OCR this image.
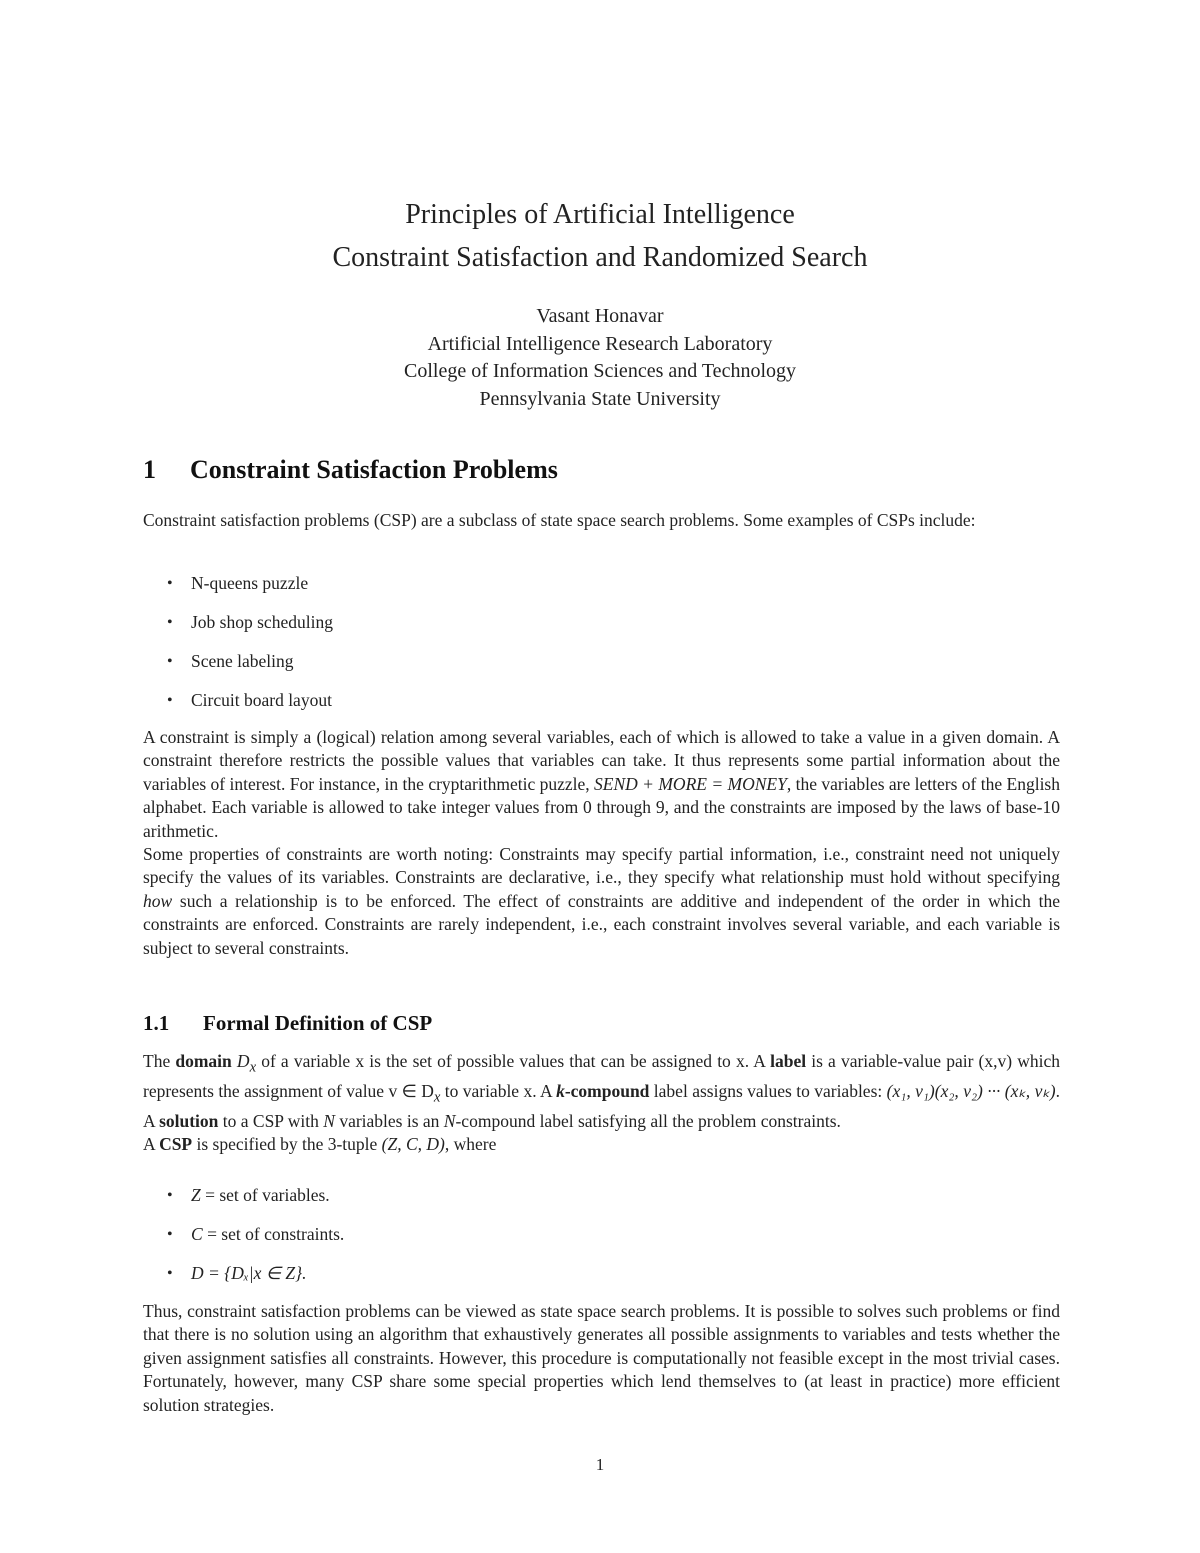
Principles of Artificial Intelligence
Constraint Satisfaction and Randomized Search
Vasant Honavar
Artificial Intelligence Research Laboratory
College of Information Sciences and Technology
Pennsylvania State University
1 Constraint Satisfaction Problems

Constraint satisfaction problems (CSP) are a subclass of state space search problems. Some examples of CSPs include:

• N-queens puzzle
• Job shop scheduling
• Scene labeling
• Circuit board layout

A constraint is simply a (logical) relation among several variables, each of which is allowed to take a value in a given domain. A constraint therefore restricts the possible values that variables can take. It thus represents some partial information about the variables of interest. For instance, in the cryptarithmetic puzzle, SEND + MORE = MONEY, the variables are letters of the English alphabet. Each variable is allowed to take integer values from 0 through 9, and the constraints are imposed by the laws of base-10 arithmetic.

Some properties of constraints are worth noting: Constraints may specify partial information, i.e., constraint need not uniquely specify the values of its variables. Constraints are declarative, i.e., they specify what relationship must hold without specifying how such a relationship is to be enforced. The effect of constraints are additive and independent of the order in which the constraints are enforced. Constraints are rarely independent, i.e., each constraint involves several variable, and each variable is subject to several constraints.

1.1 Formal Definition of CSP

The domain $D_x$ of a variable x is the set of possible values that can be assigned to x. A label is a variable-value pair (x,v) which represents the assignment of value v ∈ $D_x$ to variable x. A k-compound label assigns values to variables: (x₁, v₁)(x₂, v₂) ··· (xₖ, vₖ). A solution to a CSP with N variables is an N-compound label satisfying all the problem constraints.

A CSP is specified by the 3-tuple (Z, C, D), where

• Z = set of variables.
• C = set of constraints.
• D = {Dₓ|x ∈ Z}.

Thus, constraint satisfaction problems can be viewed as state space search problems. It is possible to solves such problems or find that there is no solution using an algorithm that exhaustively generates all possible assignments to variables and tests whether the given assignment satisfies all constraints. However, this procedure is computationally not feasible except in the most trivial cases. Fortunately, however, many CSP share some special properties which lend themselves to (at least in practice) more efficient solution strategies.

1
